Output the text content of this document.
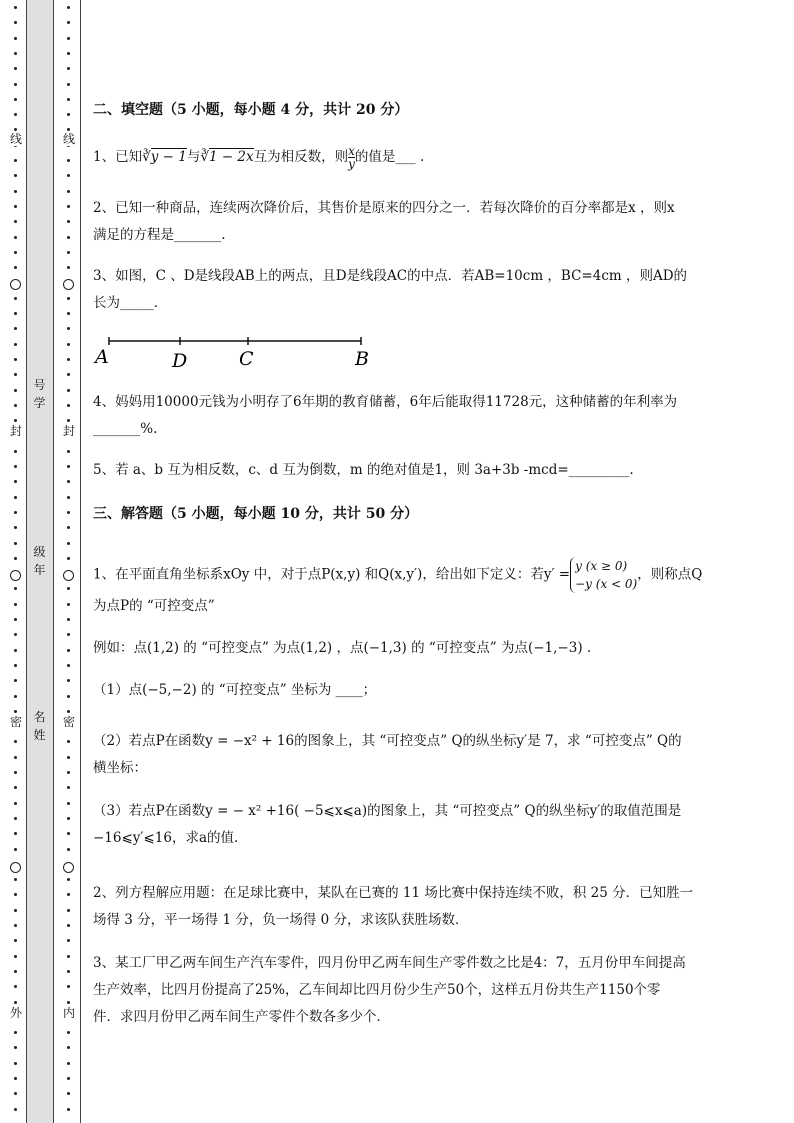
线
封
密
外
线
封
密
内
号
学
级
年
名
姓
二、填空题（5 小题，每小题 4 分，共计 20 分）
1、已知∛y − 1与∛1 − 2x互为相反数，则 $\frac{x}{y}$ 的值是___ .
2、已知一种商品，连续两次降价后，其售价是原来的四分之一．若每次降价的百分率都是x ，则x
满足的方程是_______.
3、如图，C 、D是线段AB上的两点，且D是线段AC的中点．若AB=10cm ，BC=4cm ，则AD的
长为_____．
A	D	C	B
4、妈妈用10000元钱为小明存了6年期的教育储蓄，6年后能取得11728元，这种储蓄的年利率为
_______%.
5、若 a、b 互为相反数，c、d 互为倒数，m 的绝对值是1，则 3a+3b -mcd=_________.
三、解答题（5 小题，每小题 10 分，共计 50 分）
1、在平面直角坐标系xOy 中，对于点P(x,y) 和Q(x,y′)，给出如下定义：若y′ =
y (x ≥ 0)
−y (x < 0)
，则称点Q
为点P的 “可控变点”
例如：点(1,2) 的 “可控变点” 为点(1,2) ，点(−1,3) 的 “可控变点” 为点(−1,−3) .
（1）点(−5,−2) 的 “可控变点” 坐标为 ____；
（2）若点P在函数y = −x² + 16的图象上，其 “可控变点” Q的纵坐标y′是 7，求 “可控变点” Q的
横坐标：
（3）若点P在函数y = − x² +16( −5⩽x⩽a)的图象上，其 “可控变点” Q的纵坐标y′的取值范围是
−16⩽y′⩽16，求a的值.
2、列方程解应用题：在足球比赛中，某队在已赛的 11 场比赛中保持连续不败，积 25 分．已知胜一
场得 3 分，平一场得 1 分，负一场得 0 分，求该队获胜场数．
3、某工厂甲乙两车间生产汽车零件，四月份甲乙两车间生产零件数之比是4：7，五月份甲车间提高
生产效率，比四月份提高了25%，乙车间却比四月份少生产50个，这样五月份共生产1150个零
件．求四月份甲乙两车间生产零件个数各多少个．
